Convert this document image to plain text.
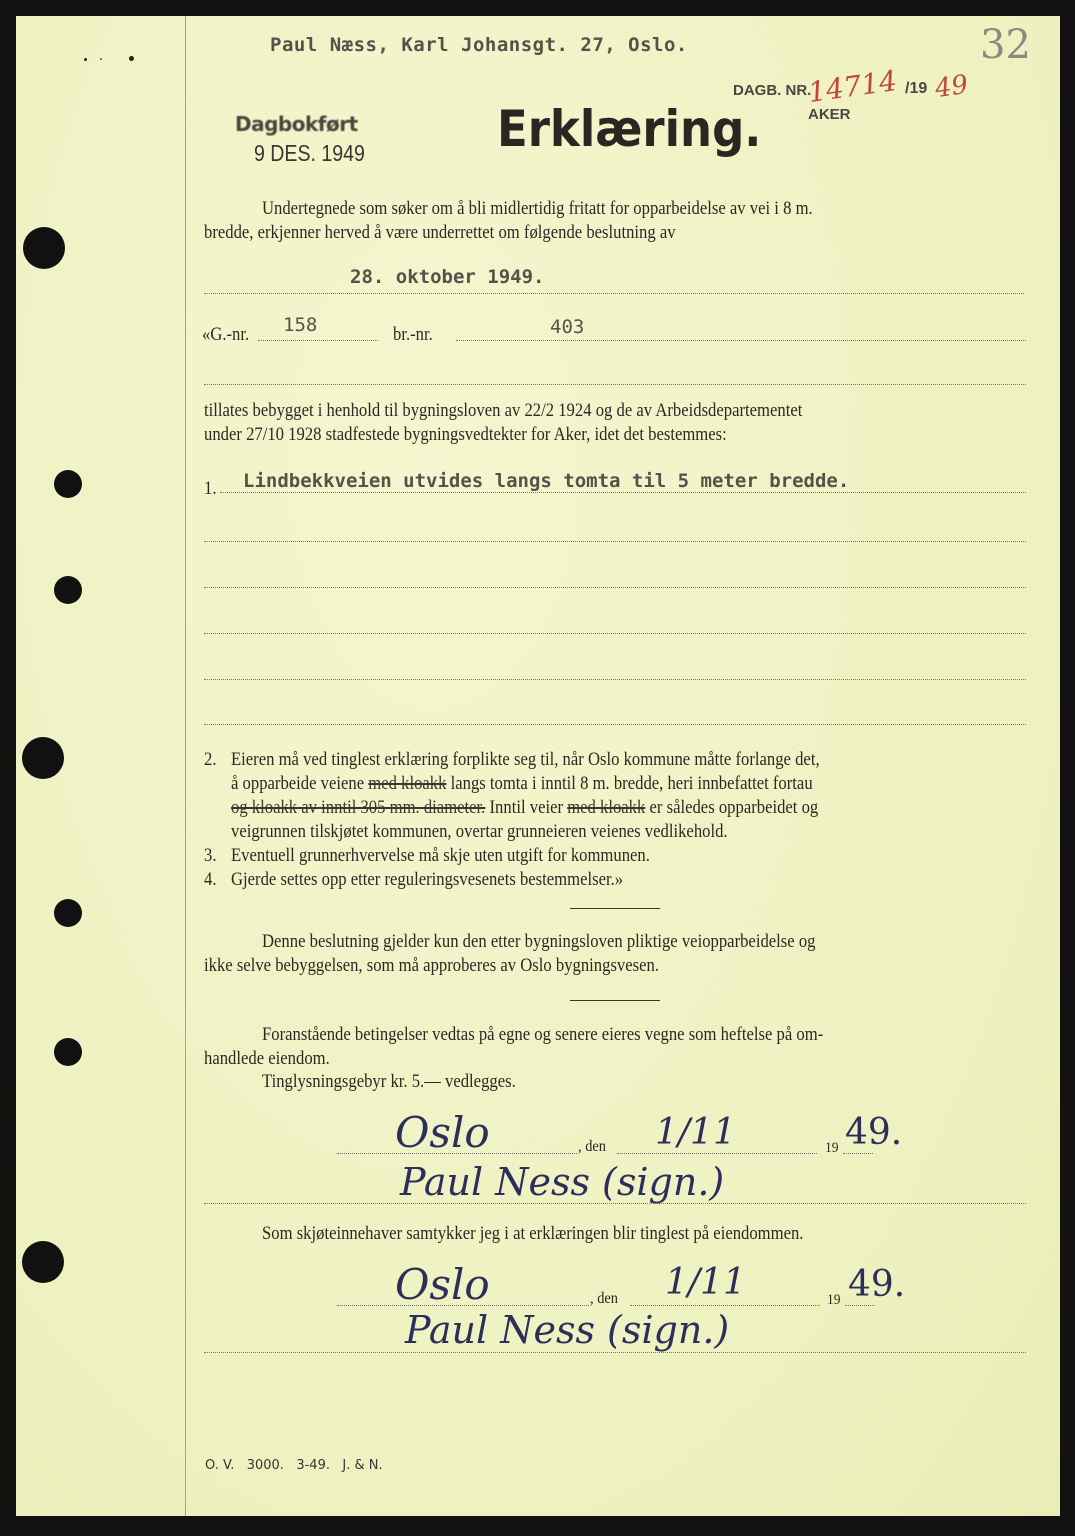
Paul Næss, Karl Johansgt. 27, Oslo.	32
Dagbokført
9 DES. 1949	Erklæring.
DAGB. NR.
14714 /19 49
AKER
Undertegnede som søker om å bli midlertidig fritatt for opparbeidelse av vei i 8 m.
bredde, erkjenner herved å være underrettet om følgende beslutning av
28. oktober 1949.
«G.-nr. 158	br.-nr.	403
tillates bebygget i henhold til bygningsloven av 22/2 1924 og de av Arbeidsdepartementet
under 27/10 1928 stadfestede bygningsvedtekter for Aker, idet det bestemmes:
1. Lindbekkveien utvides langs tomta til 5 meter bredde.
2. Eieren må ved tinglest erklæring forplikte seg til, når Oslo kommune måtte forlange det,
å opparbeide veiene med kloakk langs tomta i inntil 8 m. bredde, heri innbefattet fortau
og kloakk av inntil 305 mm. diameter. Inntil veier med kloakk er således opparbeidet og
veigrunnen tilskjøtet kommunen, overtar grunneieren veienes vedlikehold.
3. Eventuell grunnerhvervelse må skje uten utgift for kommunen.
4. Gjerde settes opp etter reguleringsvesenets bestemmelser.»
Denne beslutning gjelder kun den etter bygningsloven pliktige veiopparbeidelse og
ikke selve bebyggelsen, som må approberes av Oslo bygningsvesen.
Foranstående betingelser vedtas på egne og senere eieres vegne som heftelse på om-
handlede eiendom.
Tinglysningsgebyr kr. 5.— vedlegges.
Oslo	, den 1/11	19 49.
Paul Ness (sign.)
Som skjøteinnehaver samtykker jeg i at erklæringen blir tinglest på eiendommen.
Oslo	, den 1/11	19 49.
Paul Ness (sign.)
O. V.   3000.   3-49.   J. & N.
